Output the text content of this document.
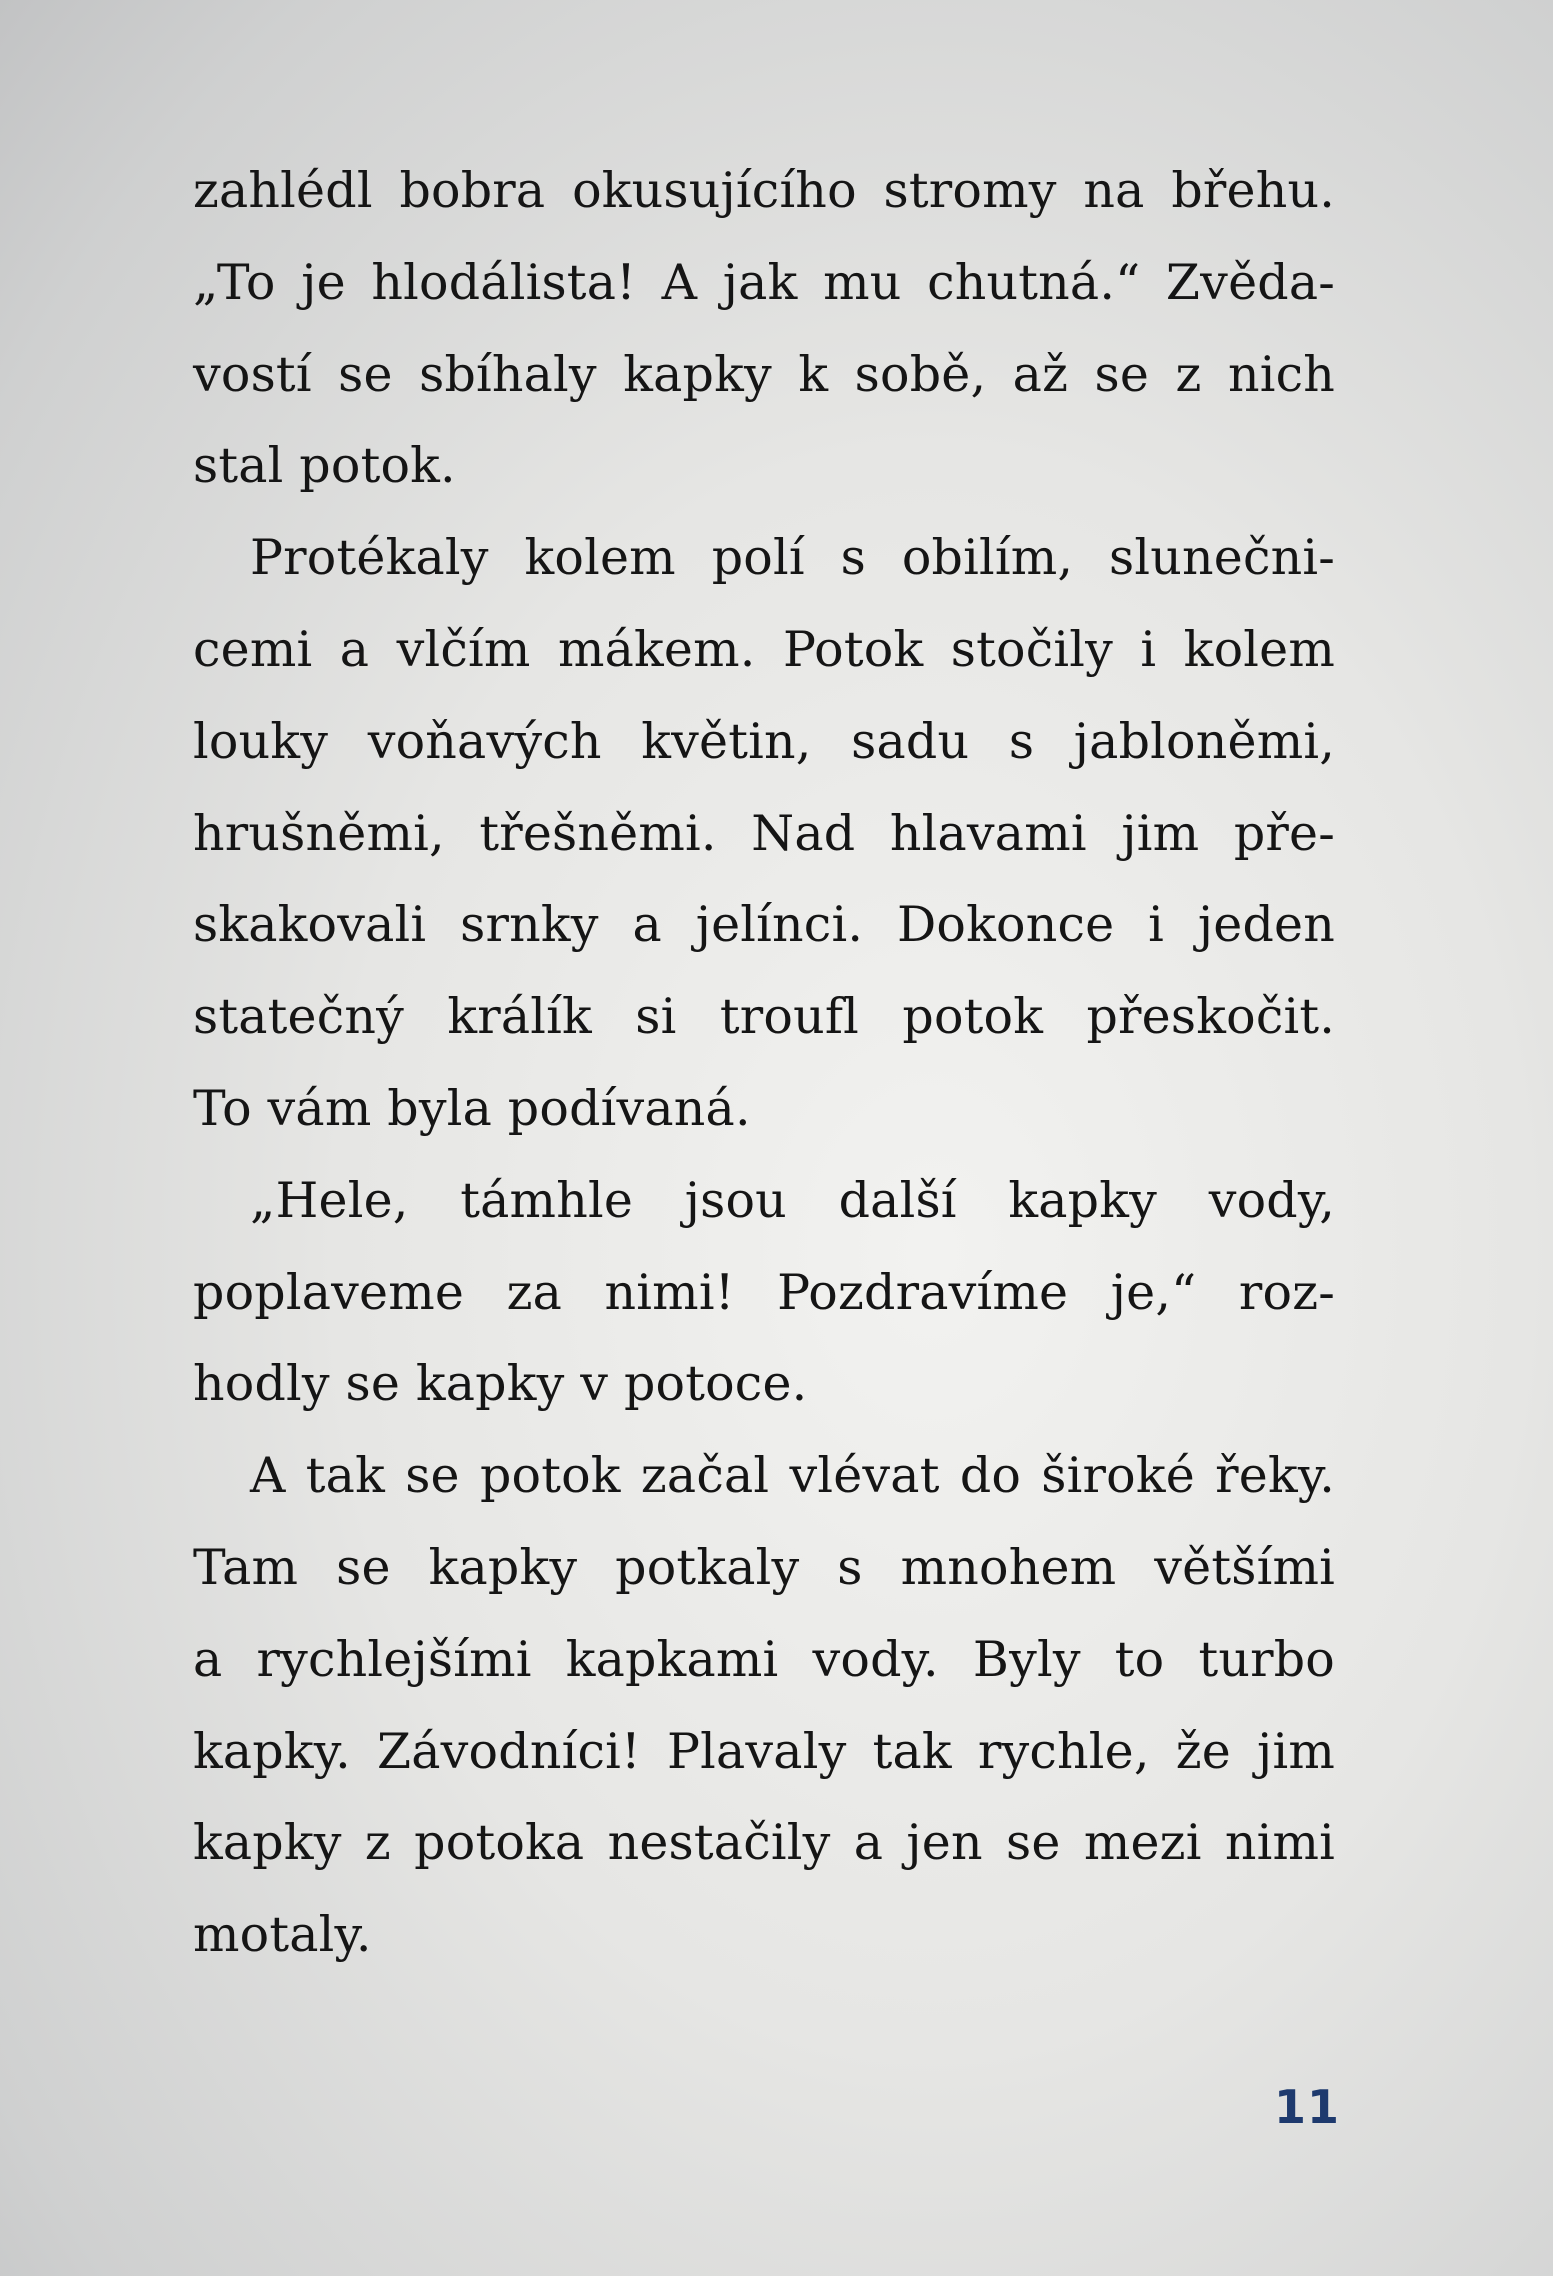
zahlédl bobra okusujícího stromy na břehu.
„To je hlodálista! A jak mu chutná.“ Zvěda-
vostí se sbíhaly kapky k sobě, až se z nich
stal potok.
Protékaly kolem polí s obilím, slunečni-
cemi a vlčím mákem. Potok stočily i kolem
louky voňavých květin, sadu s jabloněmi,
hrušněmi, třešněmi. Nad hlavami jim pře-
skakovali srnky a jelínci. Dokonce i jeden
statečný králík si troufl potok přeskočit.
To vám byla podívaná.
„Hele, támhle jsou další kapky vody,
poplaveme za nimi! Pozdravíme je,“ roz-
hodly se kapky v potoce.
A tak se potok začal vlévat do široké řeky.
Tam se kapky potkaly s mnohem většími
a rychlejšími kapkami vody. Byly to turbo
kapky. Závodníci! Plavaly tak rychle, že jim
kapky z potoka nestačily a jen se mezi nimi
motaly.
11
